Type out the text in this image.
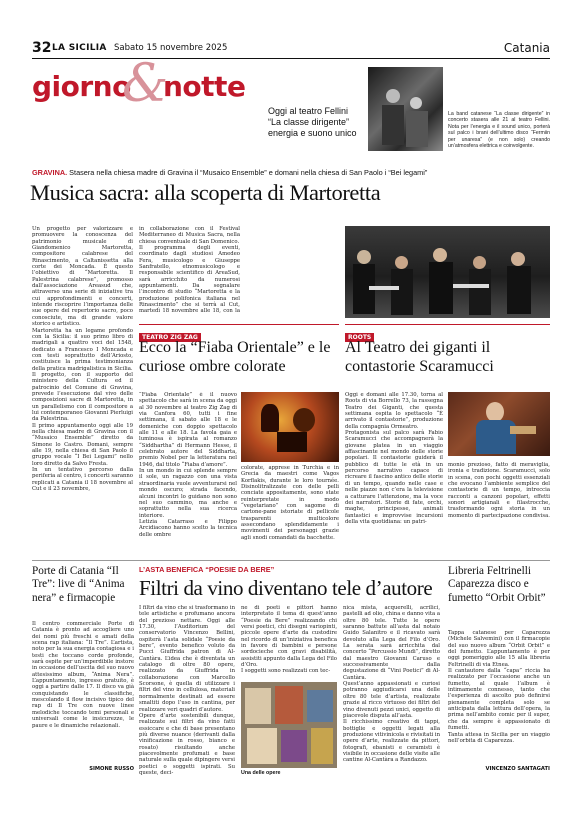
32 LA SICILIA Sabato 15 novembre 2025	Catania
giorno
&
notte
Oggi al teatro Fellini
“La classe dirigente”
energia e suono unico
La band catanese “La classe dirigente” in concerto stasera alle 21 al teatro Fellini. Nota per l’energia e il sound unico, porterà sul palco i brani dell’ultimo disco “Fermiin per unaresa” (e non solo) creando un’atmosfera elettrica e coinvolgente.
GRAVINA. Stasera nella chiesa madre di Gravina il “Musaico Ensemble” e domani nella chiesa di San Paolo i “Bei legami”
Musica sacra: alla scoperta di Martoretta
Un progetto per valorizzare e promuovere la conoscenza del patrimonio musicale di Giandomenico Martoretta, compositore calabrese del Rinascimento, a Caltanissetta alla corte dei Moncada. È questo l’obiettivo di “Martoretta. Il Palestrina calabrese”, promosso dall’associazione Areasud che, attraverso una serie di iniziative tra cui approfondimenti e concerti, intende riscoprire l’importanza delle sue opere del repertorio sacro, poco conosciute, ma di grande valore storico e artistico.
Martoretta ha un legame profondo con la Sicilia: il suo primo libro di madrigali a quattro voci del 1548, dedicato a Francesco I Moncada e con testi soprattutto dell’Ariosto, costituisce la prima testimonianza della pratica madrigalistica in Sicilia.
Il progetto, con il supporto del ministero della Cultura ed il patrocinio del Comune di Gravina, prevede l’esecuzione dal vivo delle composizioni sacre di Martoretta, in un parallelismo con il compositore a lui contemporaneo Giovanni Pierluigi da Palestrina.
Il primo appuntamento oggi alle 19 nella chiesa madre di Gravina con il “Musaico Ensemble” diretto da Simone lo Castro. Domani, sempre alle 19, nella chiesa di San Paolo il gruppo vocale “I Bei Legami” nello loro diretto da Salvo Fresta.
In un tentativo percorso dalla periferia al centro, i concerti saranno replicati a Catania il 18 novembre al Cut e il 23 novembre,
in collaborazione con il Festival Mediterraneo di Musica Sacra, nella chiesa conventuale di San Domenico.
Il programma degli eventi, coordinato dagli studiosi Amedeo Fera, musicologo e Giuseppe Sanfratello, etnomusicologo e responsabile scientifico di AreaSud, sarà arricchito da numerosi appuntamenti. Da segnalare l’incontro di studio “Martoretta e la produzione polifonica italiana nel Rinascimento” che si terrà al Cut, martedì 18 novembre alle 18, con la
TEATRO ZIG ZAG
Ecco la “Fiaba Orientale” e le curiose ombre colorate
“Fiaba Orientale” è il nuovo spettacolo che sarà in scena da oggi al 30 novembre al teatro Zig Zag di via Canfora 60, tutti i fine settimana, il sabato alle 18 e le domeniche con doppio spettacolo alle 11 e alle 18. La favola gaia e luminosa è ispirata al romanzo “Siddhartha” di Hermann Hesse, il celebrato autore del Siddharta, premio Nobel per la letteratura nel 1946, dal titolo “Fiaba d’amore”.
In un mondo in cui splende sempre il sole, un ragazzo con una vista straordinaria vuole avventurarsi nel mondo oscuro; strada facendo, alcuni incontri lo guidano non sono nel suo cammino, ma anche e soprattutto nella sua ricerca interiore.
Letizia Catarraso e Filippo Arcidiacono hanno scelto la tecnica delle ombre
colorate, apprese in Turchia e in Grecia da maestri come Vagos Korflakis, durante le loro tournée. Disinolitralizzate con delle pelli conciate appositamente, sono state reinterpretate in modo “vegetariano” con sagome di cartone-pane istoriate di pellicole trasparenti multicolore assecondano splendidamente i movimenti dei personaggi grazie agli snodi comandati da bacchette.
ROOTS
Al Teatro dei giganti il contastorie Scaramucci
Oggi e domani alle 17.30, torna al Roots di via Borrello 73, la rassegna Teatro dei Giganti, che questa settimana ospita lo spettacolo “È arrivato il contastorie”, produzione della compagnia Ormeatro.
Protagonista sul palco sarà Fabio Scaramucci che accompagnerà la giovane platea in un viaggio affascinante nel mondo delle storie popolari. Il contastorie guiderà il pubblico di tutte le età in un percorso narrativo capace di ricreare il fascino antico delle storie di un tempo, quando nelle case e nelle piazze non c’era la televisione a catturare l’attenzione, ma la voce dei narratori. Storie di fate, orchi, maghe, principesse, animali fantastici e improvvise incursioni della vita quotidiana: un patri-
monio prezioso, fatto di meraviglia, ironia e tradizione. Scaramucci, solo in scena, con pochi oggetti essenziali che evocano l’ambiente semplice del contastorie di un tempo, intreccia racconti a canzoni popolari, effetti sonori artigianali e filastrocche, trasformando ogni storia in un momento di partecipazione condivisa.
Porte di Catania “Il Tre”: live di “Anima nera” e firmacopie
Il centro commerciale Porte di Catania è pronto ad accogliere uno dei nomi più freschi e amati della scena rap italiana: “Il Tre”. L’artista, noto per la sua energia contagiosa e i testi che toccano corde profonde, sarà ospite per un’imperdibile instore in occasione dell’uscita del suo nuovo attesissimo album, “Anima Nera”. L’appuntamento, ingresso gratuito, è oggi a partire dalle 17. Il disco va già conquistando le classifiche, mescolando il flow incisivo tipico del rap di Il Tre con nuove linee melodiche toccando temi personali e universali come le insicurezze, le paure e le dinamiche relazionali.
SIMONE RUSSO
L’ASTA BENEFICA “POESIE DA BERE”
Filtri da vino diventano tele d’autore
I filtri da vino che si trasformano in tele artistiche e profumano ancora del prezioso nettare. Oggi alle 17.30, l’Auditorium del conservatorio Vincenzo Bellini, ospiterà l’asta solidale “Poesie da bere”, evento benefico voluto da Pucci Giuffrida patron di Al-Cantàra. L’idea che è diventata un catalogo di oltre 80 opere, realizzato da Giuffrida in collaborazione con Marcello Scorsone, è quella di utilizzare i filtri del vino in cellulosa, materiali normalmente destinati ad essere smaltiti dopo l’uso in cantina, per realizzare veri quadri d’autore.
Opere d’arte sostenibili dunque, realizzate sui filtri da vino fatti essiccare e che di base presentano più diverse nuance (derivanti dalla vinificazione in rosso, bianco e rosato) risultando anche piacevolmente profumati e base naturale sulla quale dipingere versi poetici o soggetti ispirati. Su queste, deci-
ne di poeti e pittori hanno interpretato il tema di quest’anno “Poesie da Bere” realizzando chi versi poetici, chi disegni variopinti, piccole opere d’arte da custodire nel ricordo di un’iniziativa benefica in favore di bambini e persone sordocieche con gravi disabilità, assistiti appunto dalla Lega del Filo d’Oro.
I soggetti sono realizzati con tec-
Una delle opere
nica mista, acquerelli, acrilici, pastelli ad olio, china e danno vita a oltre 80 tele. Tutte le opere saranno battute all’asta dal notaio Guido Salanitro e il ricavato sarà devoluto alla Lega del Filo d’Oro. La serata sarà arricchita dal concerto “Percussio Mundi”, diretto dal maestro Giovanni Caruso e successivamente dalla degustazione di “Vini Poetici” di Al-Cantàra.
Quest’anno appassionati e curiosi potranno aggiudicarsi una delle oltre 80 tele d’artista, realizzate grazie al ricco virtuoso dei filtri del vino divenuti pezzi unici, oggetto di piacevole disputa all’asta.
Il ricchissimo creativo di tappi, bottiglie e oggetti legati alla produzione vitivinicola e rivisitati in opere d’arte, realizzate da pittori, fotografi, ebanisti e ceramisti è visibile in occasione delle visite alle cantine Al-Cantàra a Randazzo.
Libreria Feltrinelli Caparezza disco e fumetto “Orbit Orbit”
Tappa catanese per Caparezza (Michele Salvemini) con il firmacopie del suo nuovo album “Orbit Orbit” e del fumetto. L’appuntamento è per oggi pomeriggio alle 15 alla libreria Feltrinelli di via Etnea.
Il cantautore dalla “capa” riccia ha realizzato per l’occasione anche un fumetto, al quale l’album è intimamente connesso, tanto che l’esperienza di ascolto può definirsi pienamente completa solo se anticipata dalla lettura dell’opera, la prima nell’ambito comic per il super, che da sempre è appassionato di fumetti.
Tanta attesa in Sicilia per un viaggio nell’orbita di Caparezza.
VINCENZO SANTAGATI
